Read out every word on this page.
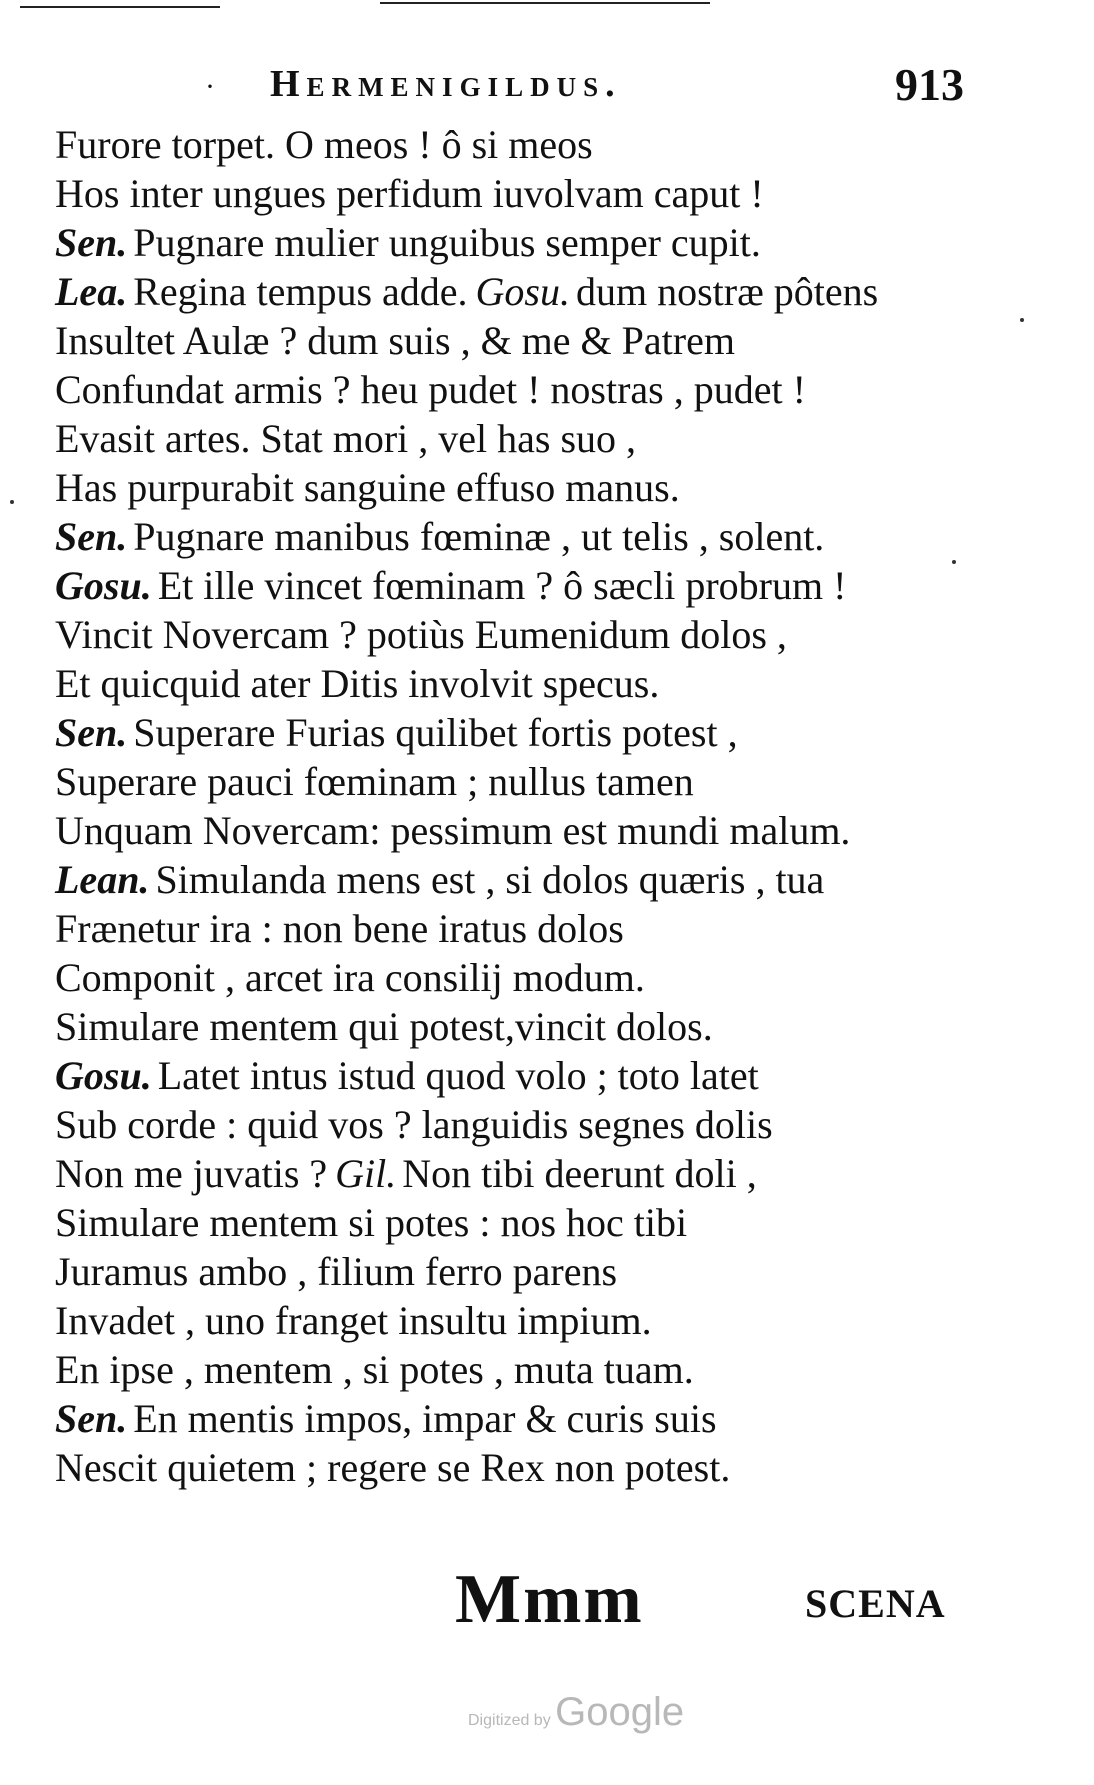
· Hermenigildus.	913
Furore torpet. O meos ! ô si meos
Hos inter ungues perfidum iuvolvam caput !
Sen. Pugnare mulier unguibus semper cupit.
Lea. Regina tempus adde. Gosu. dum nostræ pôtens
Insultet Aulæ ? dum suis , & me & Patrem
Confundat armis ? heu pudet ! nostras , pudet !
Evasit artes. Stat mori , vel has suo ,
Has purpurabit sanguine effuso manus.
Sen. Pugnare manibus fœminæ , ut telis , solent.
Gosu. Et ille vincet fœminam ? ô sæcli probrum !
Vincit Novercam ? potiùs Eumenidum dolos ,
Et quicquid ater Ditis involvit specus.
Sen. Superare Furias quilibet fortis potest ,
Superare pauci fœminam ; nullus tamen
Unquam Novercam: pessimum est mundi malum.
Lean. Simulanda mens est , si dolos quæris , tua
Frænetur ira : non bene iratus dolos
Componit , arcet ira consilij modum.
Simulare mentem qui potest,vincit dolos.
Gosu. Latet intus istud quod volo ; toto latet
Sub corde : quid vos ? languidis segnes dolis
Non me juvatis ? Gil. Non tibi deerunt doli ,
Simulare mentem si potes : nos hoc tibi
Juramus ambo , filium ferro parens
Invadet , uno franget insultu impium.
En ipse , mentem , si potes , muta tuam.
Sen. En mentis impos, impar & curis suis
Nescit quietem ; regere se Rex non potest.
Mmm	SCENA
Digitized by Google
